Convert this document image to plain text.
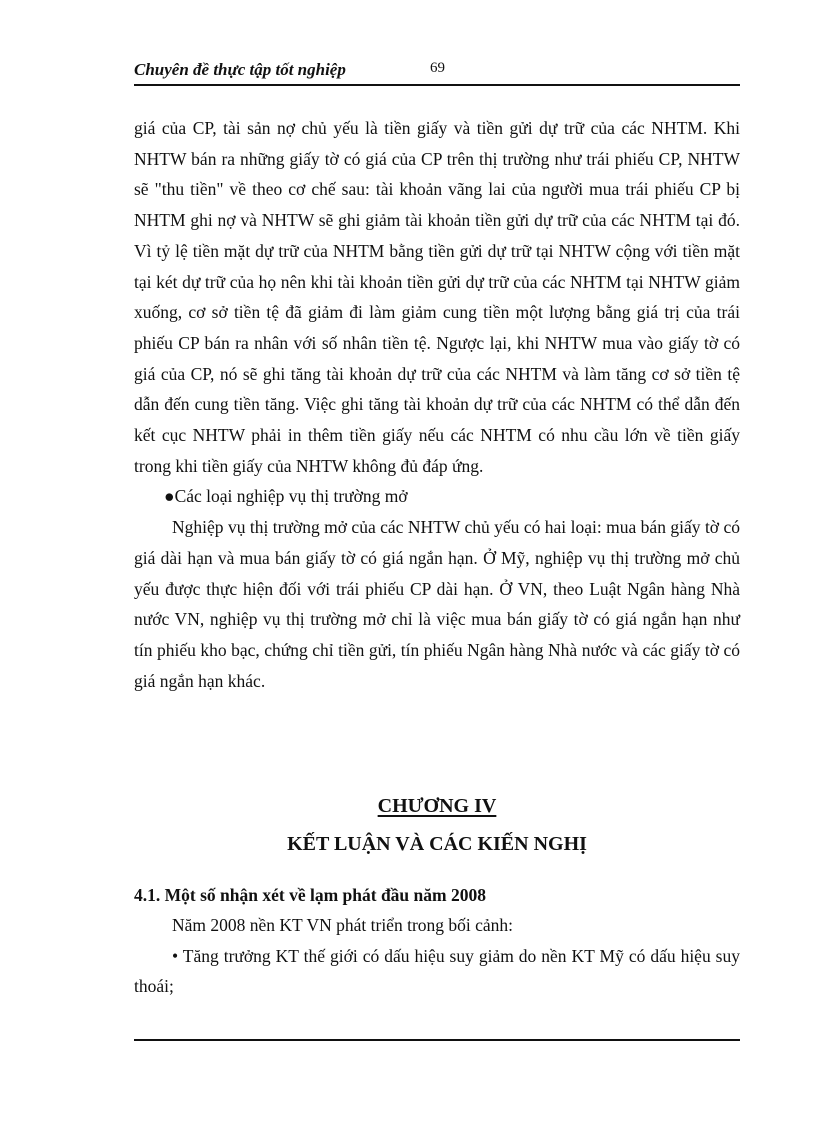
Chuyên đề thực tập tốt nghiệp	69

giá của CP, tài sản nợ chủ yếu là tiền giấy và tiền gửi dự trữ của các NHTM. Khi NHTW bán ra những giấy tờ có giá của CP trên thị trường như trái phiếu CP, NHTW sẽ "thu tiền" về theo cơ chế sau: tài khoản vãng lai của người mua trái phiếu CP bị NHTM ghi nợ và NHTW sẽ ghi giảm tài khoản tiền gửi dự trữ của các NHTM tại đó. Vì tỷ lệ tiền mặt dự trữ của NHTM bằng tiền gửi dự trữ tại NHTW cộng với tiền mặt tại két dự trữ của họ nên khi tài khoản tiền gửi dự trữ của các NHTM tại NHTW giảm xuống, cơ sở tiền tệ đã giảm đi làm giảm cung tiền một lượng bằng giá trị của trái phiếu CP bán ra nhân với số nhân tiền tệ. Ngược lại, khi NHTW mua vào giấy tờ có giá của CP, nó sẽ ghi tăng tài khoản dự trữ của các NHTM và làm tăng cơ sở tiền tệ dẫn đến cung tiền tăng. Việc ghi tăng tài khoản dự trữ của các NHTM có thể dẫn đến kết cục NHTW phải in thêm tiền giấy nếu các NHTM có nhu cầu lớn về tiền giấy trong khi tiền giấy của NHTW không đủ đáp ứng.

●Các loại nghiệp vụ thị trường mở

Nghiệp vụ thị trường mở của các NHTW chủ yếu có hai loại: mua bán giấy tờ có giá dài hạn và mua bán giấy tờ có giá ngắn hạn. Ở Mỹ, nghiệp vụ thị trường mở chủ yếu được thực hiện đối với trái phiếu CP dài hạn. Ở VN, theo Luật Ngân hàng Nhà nước VN, nghiệp vụ thị trường mở chỉ là việc mua bán giấy tờ có giá ngắn hạn như tín phiếu kho bạc, chứng chỉ tiền gửi, tín phiếu Ngân hàng Nhà nước và các giấy tờ có giá ngắn hạn khác.

CHƯƠNG IV

KẾT LUẬN VÀ CÁC KIẾN NGHỊ

4.1. Một số nhận xét về lạm phát đầu năm 2008

Năm 2008 nền KT VN phát triển trong bối cảnh:

• Tăng trưởng KT thế giới có dấu hiệu suy giảm do nền KT Mỹ có dấu hiệu suy thoái;
